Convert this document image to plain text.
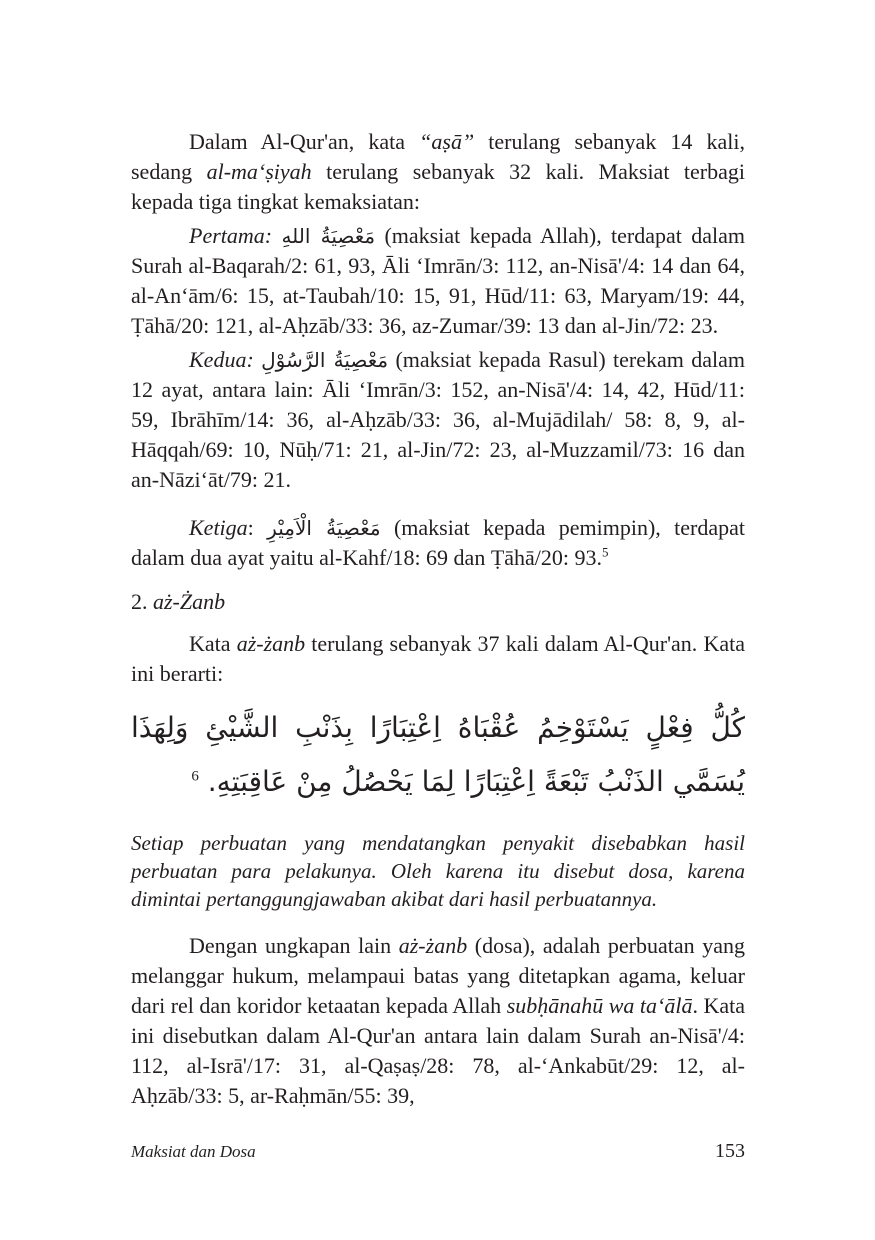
Dalam Al-Qur'an, kata “aṣā” terulang sebanyak 14 kali, sedang al-ma‘ṣiyah terulang sebanyak 32 kali. Maksiat terbagi kepada tiga tingkat kemaksiatan:

Pertama: مَعْصِيَةُ اللهِ (maksiat kepada Allah), terdapat dalam Surah al-Baqarah/2: 61, 93, Āli ‘Imrān/3: 112, an-Nisā'/4: 14 dan 64, al-An‘ām/6: 15, at-Taubah/10: 15, 91, Hūd/11: 63, Maryam/19: 44, Ṭāhā/20: 121, al-Aḥzāb/33: 36, az-Zumar/39: 13 dan al-Jin/72: 23.

Kedua: مَعْصِيَةُ الرَّسُوْلِ (maksiat kepada Rasul) terekam dalam 12 ayat, antara lain: Āli ‘Imrān/3: 152, an-Nisā'/4: 14, 42, Hūd/11: 59, Ibrāhīm/14: 36, al-Aḥzāb/33: 36, al-Mujādilah/ 58: 8, 9, al-Hāqqah/69: 10, Nūḥ/71: 21, al-Jin/72: 23, al-Muzzamil/73: 16 dan an-Nāzi‘āt/79: 21.

Ketiga: مَعْصِيَةُ الْاَمِيْرِ (maksiat kepada pemimpin), terdapat dalam dua ayat yaitu al-Kahf/18: 69 dan Ṭāhā/20: 93.$^5$

2. aż-Żanb

Kata aż-żanb terulang sebanyak 37 kali dalam Al-Qur'an. Kata ini berarti:

كُلُّ فِعْلٍ يَسْتَوْخِمُ عُقْبَاهُ اِعْتِبَارًا بِذَنْبِ الشَّيْئِ وَلِهَذَا يُسَمَّي الذَنْبُ تَبْعَةً اِعْتِبَارًا لِمَا يَحْصُلُ مِنْ عَاقِبَتِهِ. $^6$
Setiap perbuatan yang mendatangkan penyakit disebabkan hasil perbuatan para pelakunya. Oleh karena itu disebut dosa, karena dimintai pertanggungjawaban akibat dari hasil perbuatannya.

Dengan ungkapan lain aż-żanb (dosa), adalah perbuatan yang melanggar hukum, melampaui batas yang ditetapkan agama, keluar dari rel dan koridor ketaatan kepada Allah subḥānahū wa ta‘ālā. Kata ini disebutkan dalam Al-Qur'an antara lain dalam Surah an-Nisā'/4: 112, al-Isrā'/17: 31, al-Qaṣaṣ/28: 78, al-‘Ankabūt/29: 12, al-Aḥzāb/33: 5, ar-Raḥmān/55: 39,

Maksiat dan Dosa	153
